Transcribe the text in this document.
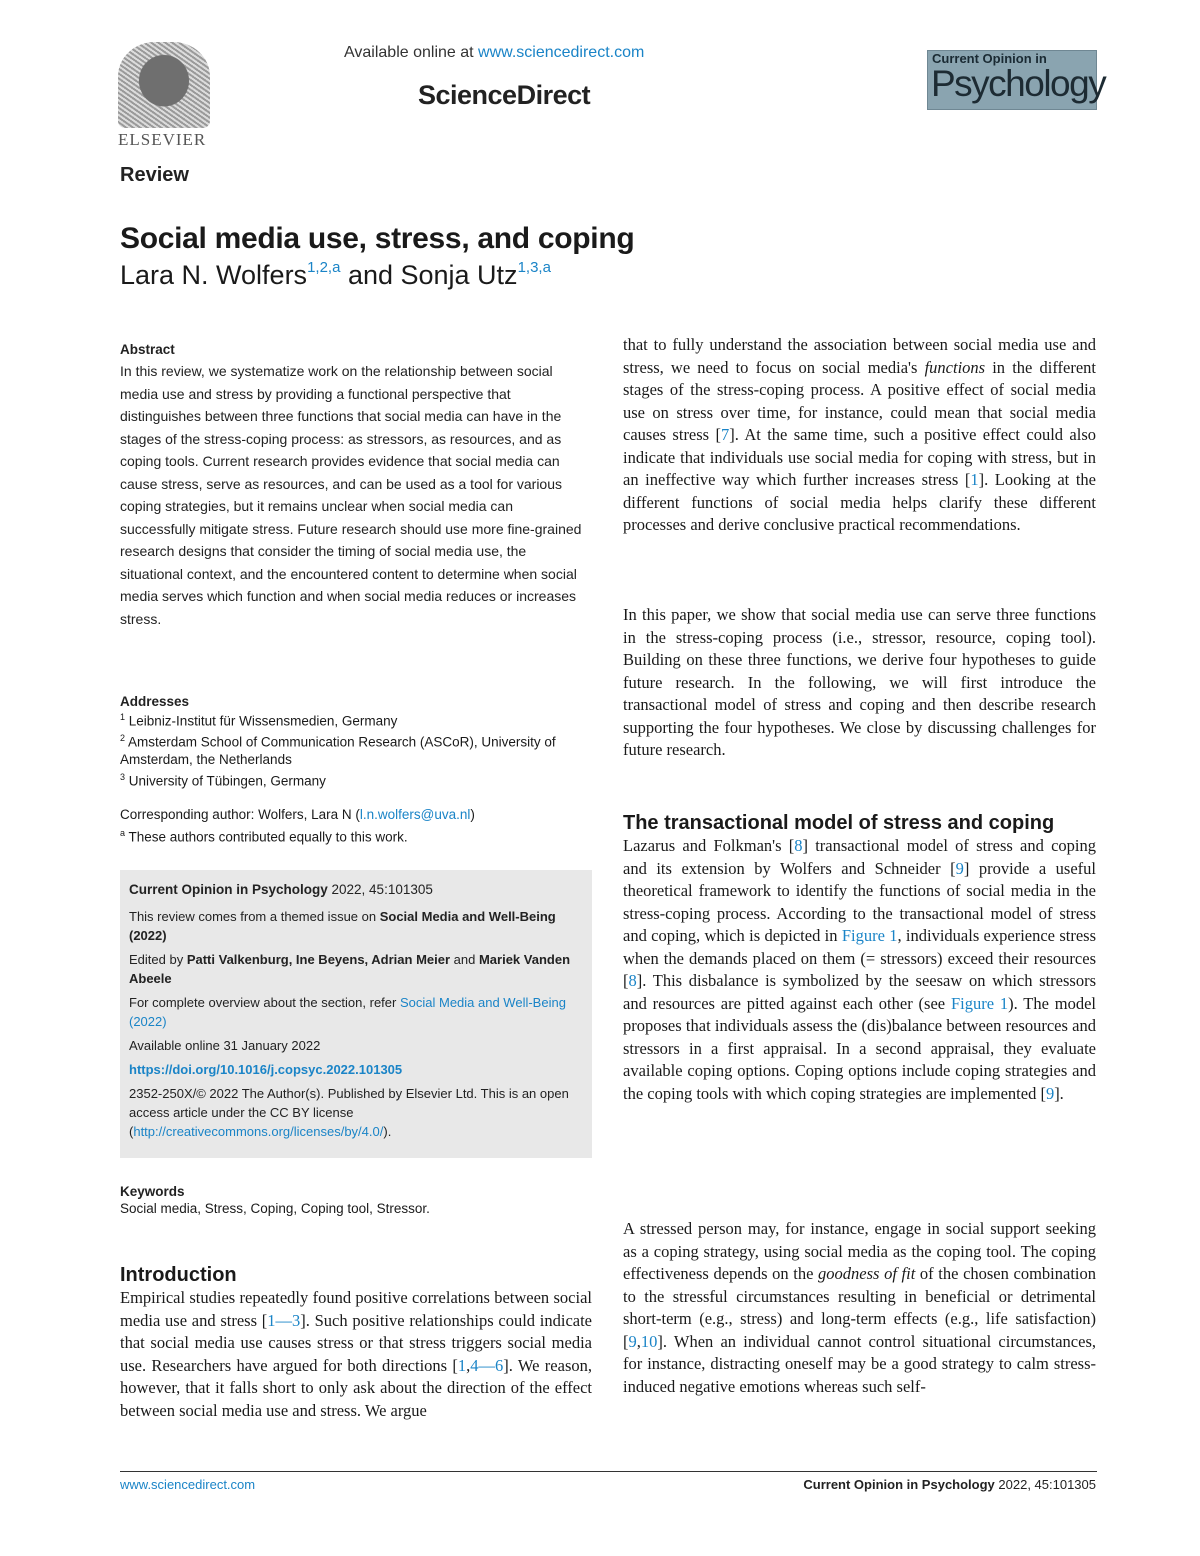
ELSEVIER
Available online at www.sciencedirect.com
ScienceDirect
Current Opinion in
Psychology
Review
Social media use, stress, and coping
Lara N. Wolfers$^{1,2,a}$ and Sonja Utz$^{1,3,a}$
Abstract
In this review, we systematize work on the relationship between social media use and stress by providing a functional perspective that distinguishes between three functions that social media can have in the stages of the stress-coping process: as stressors, as resources, and as coping tools. Current research provides evidence that social media can cause stress, serve as resources, and can be used as a tool for various coping strategies, but it remains unclear when social media can successfully mitigate stress. Future research should use more fine-grained research designs that consider the timing of social media use, the situational context, and the encountered content to determine when social media serves which function and when social media reduces or increases stress.
Addresses
$^1$ Leibniz-Institut für Wissensmedien, Germany
$^2$ Amsterdam School of Communication Research (ASCoR), University of Amsterdam, the Netherlands
$^3$ University of Tübingen, Germany
Corresponding author: Wolfers, Lara N (l.n.wolfers@uva.nl)
$^a$ These authors contributed equally to this work.

Current Opinion in Psychology 2022, 45:101305

This review comes from a themed issue on Social Media and Well-Being (2022)

Edited by Patti Valkenburg, Ine Beyens, Adrian Meier and Mariek Vanden Abeele

For complete overview about the section, refer Social Media and Well-Being (2022)

Available online 31 January 2022

https://doi.org/10.1016/j.copsyc.2022.101305

2352-250X/© 2022 The Author(s). Published by Elsevier Ltd. This is an open access article under the CC BY license (http://creativecommons.org/licenses/by/4.0/).

Keywords
Social media, Stress, Coping, Coping tool, Stressor.
Introduction
Empirical studies repeatedly found positive correlations between social media use and stress [1—3]. Such positive relationships could indicate that social media use causes stress or that stress triggers social media use. Researchers have argued for both directions [1,4—6]. We reason, however, that it falls short to only ask about the direction of the effect between social media use and stress. We argue
that to fully understand the association between social media use and stress, we need to focus on social media's functions in the different stages of the stress-coping process. A positive effect of social media use on stress over time, for instance, could mean that social media causes stress [7]. At the same time, such a positive effect could also indicate that individuals use social media for coping with stress, but in an ineffective way which further increases stress [1]. Looking at the different functions of social media helps clarify these different processes and derive conclusive practical recommendations.
In this paper, we show that social media use can serve three functions in the stress-coping process (i.e., stressor, resource, coping tool). Building on these three functions, we derive four hypotheses to guide future research. In the following, we will first introduce the transactional model of stress and coping and then describe research supporting the four hypotheses. We close by discussing challenges for future research.
The transactional model of stress and coping
Lazarus and Folkman's [8] transactional model of stress and coping and its extension by Wolfers and Schneider [9] provide a useful theoretical framework to identify the functions of social media in the stress-coping process. According to the transactional model of stress and coping, which is depicted in Figure 1, individuals experience stress when the demands placed on them (= stressors) exceed their resources [8]. This disbalance is symbolized by the seesaw on which stressors and resources are pitted against each other (see Figure 1). The model proposes that individuals assess the (dis)balance between resources and stressors in a first appraisal. In a second appraisal, they evaluate available coping options. Coping options include coping strategies and the coping tools with which coping strategies are implemented [9].
A stressed person may, for instance, engage in social support seeking as a coping strategy, using social media as the coping tool. The coping effectiveness depends on the goodness of fit of the chosen combination to the stressful circumstances resulting in beneficial or detrimental short-term (e.g., stress) and long-term effects (e.g., life satisfaction) [9,10]. When an individual cannot control situational circumstances, for instance, distracting oneself may be a good strategy to calm stress-induced negative emotions whereas such self-
www.sciencedirect.com	Current Opinion in Psychology 2022, 45:101305
